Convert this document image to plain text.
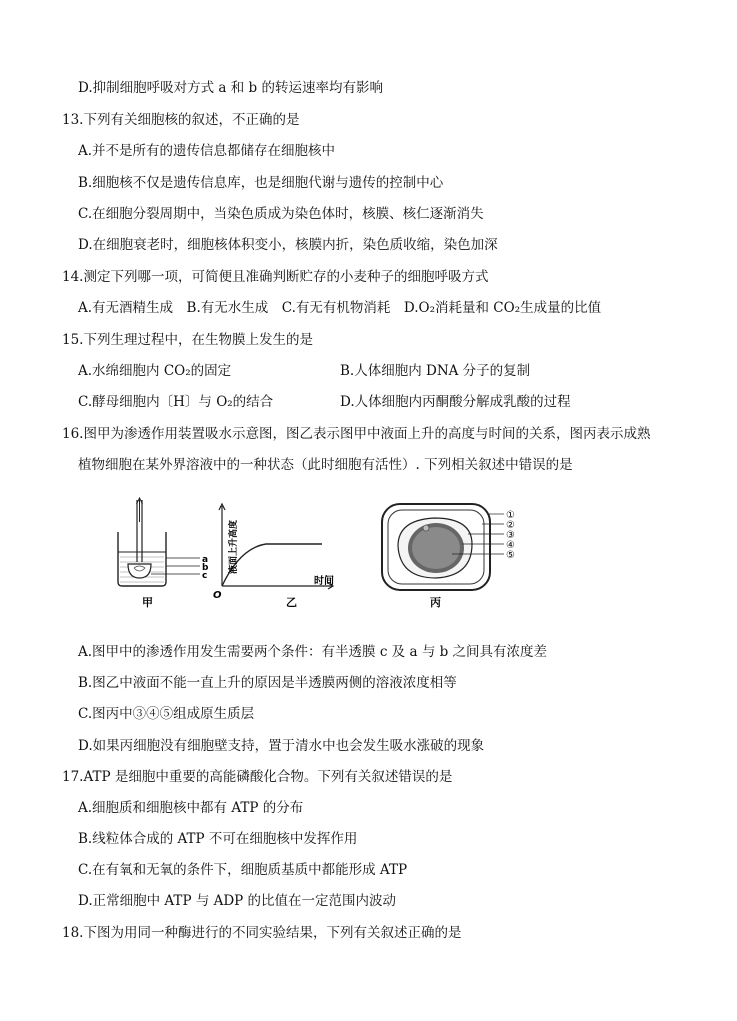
D.抑制细胞呼吸对方式 a 和 b 的转运速率均有影响
13.下列有关细胞核的叙述，不正确的是
A.并不是所有的遗传信息都储存在细胞核中
B.细胞核不仅是遗传信息库，也是细胞代谢与遗传的控制中心
C.在细胞分裂周期中，当染色质成为染色体时，核膜、核仁逐渐消失
D.在细胞衰老时，细胞核体积变小，核膜内折，染色质收缩，染色加深
14.测定下列哪一项，可简便且准确判断贮存的小麦种子的细胞呼吸方式
A.有无酒精生成　B.有无水生成　C.有无有机物消耗　D.O₂消耗量和 CO₂生成量的比值
15.下列生理过程中，在生物膜上发生的是
A.水绵细胞内 CO₂的固定	B.人体细胞内 DNA 分子的复制
C.酵母细胞内〔H〕与 O₂的结合	D.人体细胞内丙酮酸分解成乳酸的过程
16.图甲为渗透作用装置吸水示意图，图乙表示图甲中液面上升的高度与时间的关系，图丙表示成熟
植物细胞在某外界溶液中的一种状态（此时细胞有活性）. 下列相关叙述中错误的是
A.图甲中的渗透作用发生需要两个条件：有半透膜 c 及 a 与 b 之间具有浓度差
B.图乙中液面不能一直上升的原因是半透膜两侧的溶液浓度相等
C.图丙中③④⑤组成原生质层
D.如果丙细胞没有细胞壁支持，置于清水中也会发生吸水涨破的现象
17.ATP 是细胞中重要的高能磷酸化合物。下列有关叙述错误的是
A.细胞质和细胞核中都有 ATP 的分布
B.线粒体合成的 ATP 不可在细胞核中发挥作用
C.在有氧和无氧的条件下，细胞质基质中都能形成 ATP
D.正常细胞中 ATP 与 ADP 的比值在一定范围内波动
18.下图为用同一种酶进行的不同实验结果，下列有关叙述正确的是
a
b
c
甲
O
时间
液面上升高度
乙
①
②
③
④
⑤
丙
